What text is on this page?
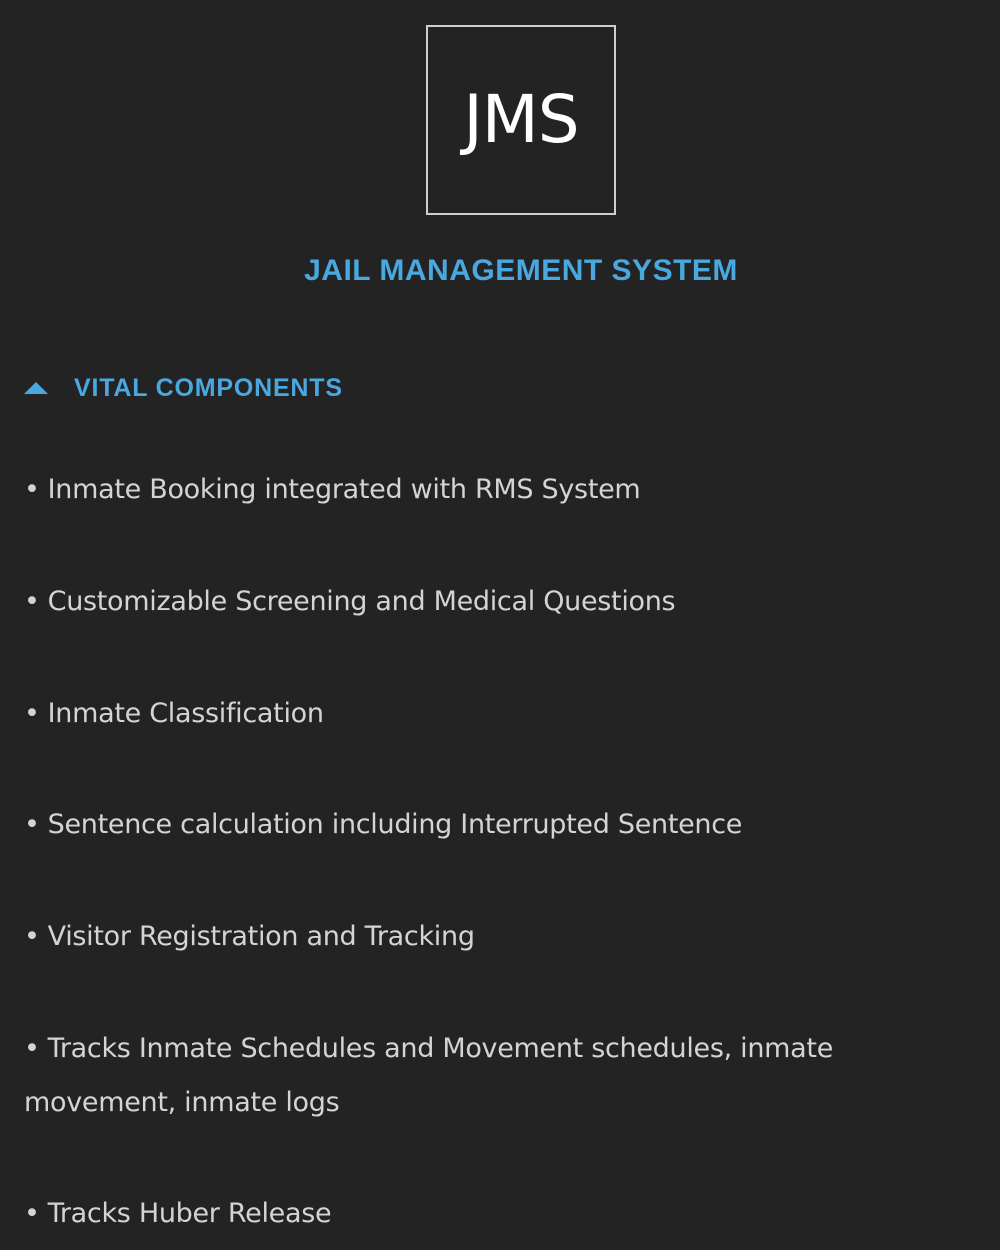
JMS
JAIL MANAGEMENT SYSTEM
VITAL COMPONENTS
• Inmate Booking integrated with RMS System
• Customizable Screening and Medical Questions
• Inmate Classification
• Sentence calculation including Interrupted Sentence
• Visitor Registration and Tracking
• Tracks Inmate Schedules and Movement schedules, inmate movement, inmate logs
• Tracks Huber Release
